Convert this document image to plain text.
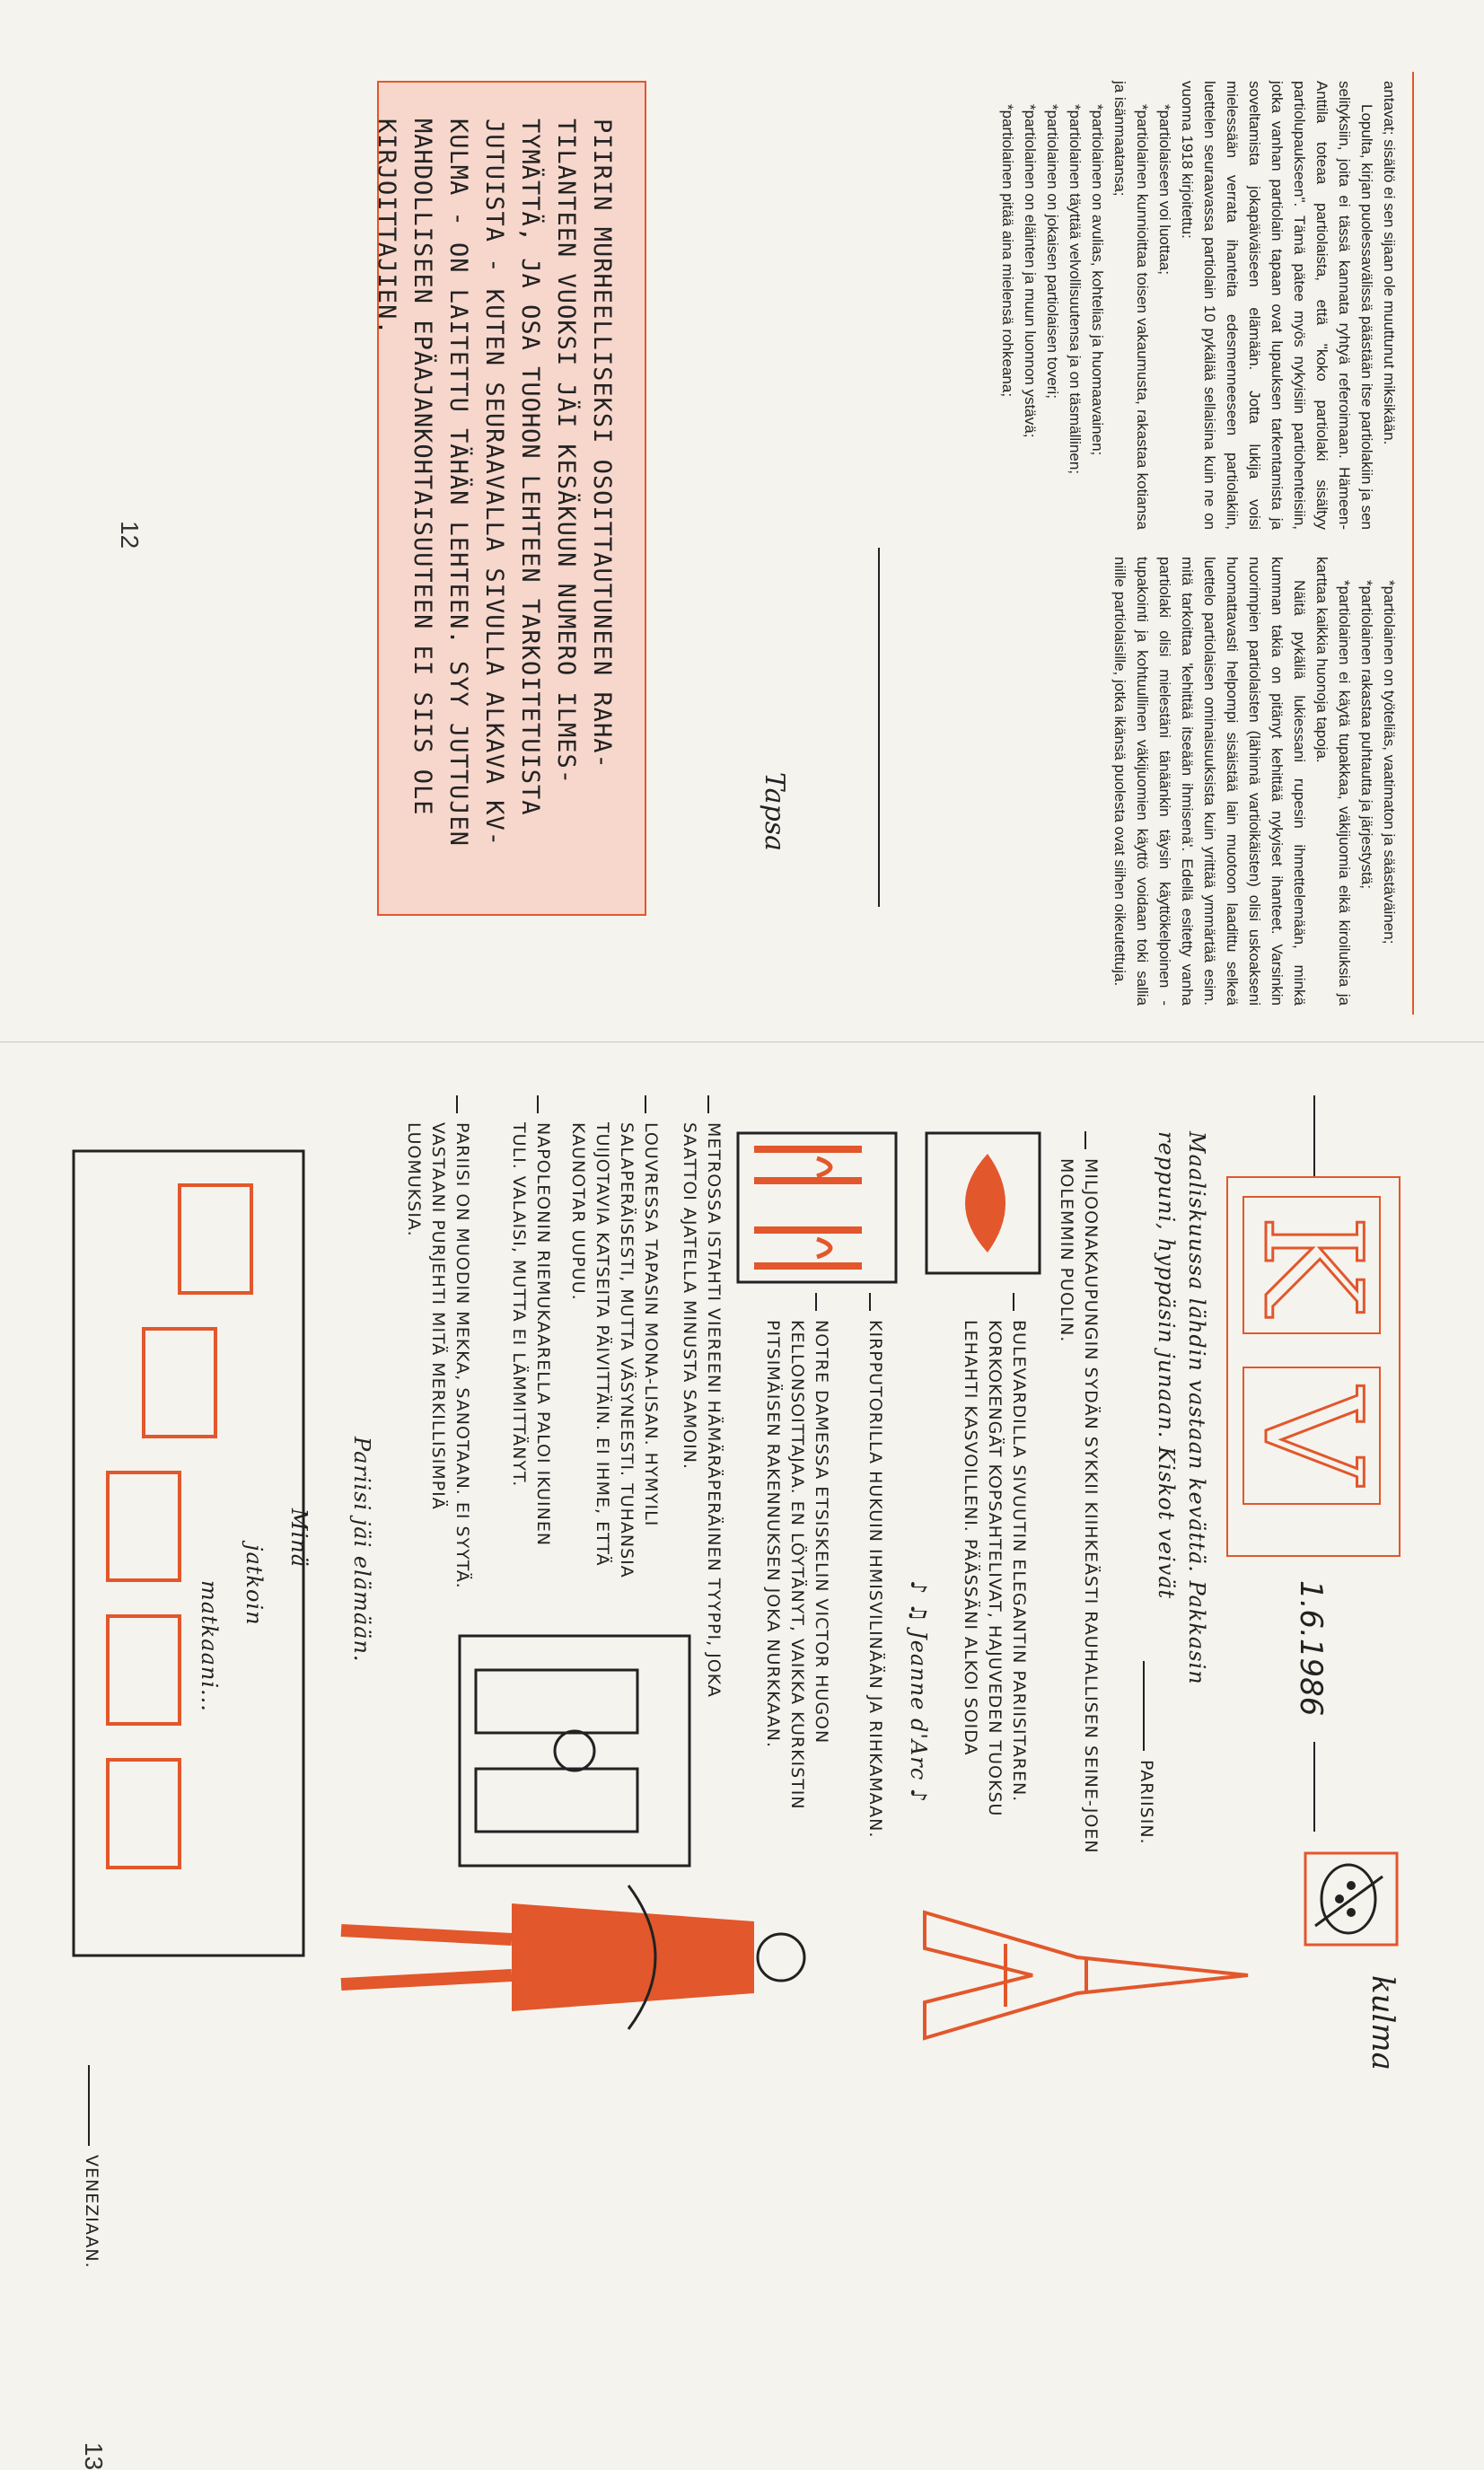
antavat; sisältö ei sen sijaan ole muuttunut miksikään.

Lopulta, kirjan puolessavälissä päästään itse partiolakiin ja sen selityksiin, joita ei tässä kannata ryhtyä referoimaan. Hämeen-Anttila toteaa partiolaista, että "koko partiolaki sisältyy partiolupaukseen". Tämä pätee myös nykyisiin partiohenteisiin, jotka vanhan partiolain tapaan ovat lupauksen tarkentamista ja soveltamista jokapäiväiseen elämään. Jotta lukija voisi mielessään verrata ihanteita edesmenneeseen partiolakiin, luettelen seuraavassa partiolain 10 pykälää sellaisina kuin ne on vuonna 1918 kirjoitettu:

*partiolaiseen voi luottaa;

*partiolainen kunnioittaa toisen vakaumusta, rakastaa kotiansa ja isänmaatansa;

*partiolainen on avulias, kohtelias ja huomaavainen;

*partiolainen täyttää velvollisuutensa ja on täsmällinen;

*partiolainen on jokaisen partiolaisen toveri;

*partiolainen on eläinten ja muun luonnon ystävä;

*partiolainen pitää aina mielensä rohkeana;

*partiolainen on työteliäs, vaatimaton ja säästäväinen;

*partiolainen rakastaa puhtautta ja järjestystä;

*partiolainen ei käytä tupakkaa, väkijuomia eikä kiroiluksia ja karttaa kaikkia huonoja tapoja.

Näitä pykäliä lukiessani rupesin ihmettelemään, minkä kumman takia on pitänyt kehittää nykyiset ihanteet. Varsinkin nuorimpien partiolaisten (lähinnä vartioikäisten) olisi uskoakseni huomattavasti helpompi sisäistää lain muotoon laadittu selkeä luettelo partiolaisen ominaisuuksista kuin yrittää ymmärtää esim. mitä tarkoittaa 'kehittää itseään ihmisenä'. Edellä esitetty vanha partiolaki olisi mielestäni tänäänkin täysin käyttökelpoinen - tupakointi ja kohtuullinen väkijuomien käyttö voidaan toki sallia niille partiolaisille, jotka ikänsä puolesta ovat siihen oikeutettuja.

Tapsa
PIIRIN MURHEELLISEKSI OSOITTAUTUNEEN RAHA-TILANTEEN VUOKSI JÄI KESÄKUUN NUMERO ILMES-TYMÄTTÄ, JA OSA TUOHON LEHTEEN TARKOITETUISTA JUTUISTA - KUTEN SEURAAVALLA SIVULLA ALKAVA KV-KULMA - ON LAITETTU TÄHÄN LEHTEEN. SYY JUTTUJEN MAHDOLLISEEN EPÄAJANKOHTAISUUTEEN EI SIIS OLE KIRJOITTAJIEN.
12
K
V
1.6.1986
kulma
Maaliskuussa lähdin vastaan kevättä. Pakkasin reppuni, hyppäsin junaan. Kiskot veivät
PARIISIN.
MILJOONAKAUPUNGIN SYDÄN SYKKII KIIHKEÄSTI RAUHALLISEN SEINE-JOEN MOLEMMIN PUOLIN.
BULEVARDILLA SIVUUTIN ELEGANTIN PARIISITAREN. KORKOKENGÄT KOPSAHTELIVAT, HAJUVEDEN TUOKSU LEHAHTI KASVOILLENI. PÄÄSSÄNI ALKOI SOIDA
♪ ♫ Jeanne d'Arc ♪
KIRPPUTORILLA HUKUIN IHMISVILINÄÄN JA RIHKAMAAN.
NOTRE DAMESSA ETSISKELIN VICTOR HUGON KELLONSOITTAJAA. EN LÖYTÄNYT, VAIKKA KURKISTIN PITSIMÄISEN RAKENNUKSEN JOKA NURKKAAN.
METROSSA ISTAHTI VIEREENI HÄMÄRÄPERÄINEN TYYPPI, JOKA SAATTOI AJATELLA MINUSTA SAMOIN.
LOUVRESSA TAPASIN MONA-LISAN. HYMYILI SALAPERÄISESTI, MUTTA VÄSYNEESTI. TUHANSIA TUIJOTAVIA KATSEITA PÄIVITTÄIN. EI IHME, ETTÄ KAUNOTAR UUPUU.
NAPOLEONIN RIEMUKAARELLA PALOI IKUINEN TULI. VALAISI, MUTTA EI LÄMMITTÄNYT.
PARIISI ON MUODIN MEKKA, SANOTAAN. EI SYYTÄ. VASTAANI PURJEHTI MITÄ MERKILLISIMPIÄ LUOMUKSIA.
Pariisi jäi elämään.
Minä
jatkoin
matkaani...
VENEZIAAN.
13
